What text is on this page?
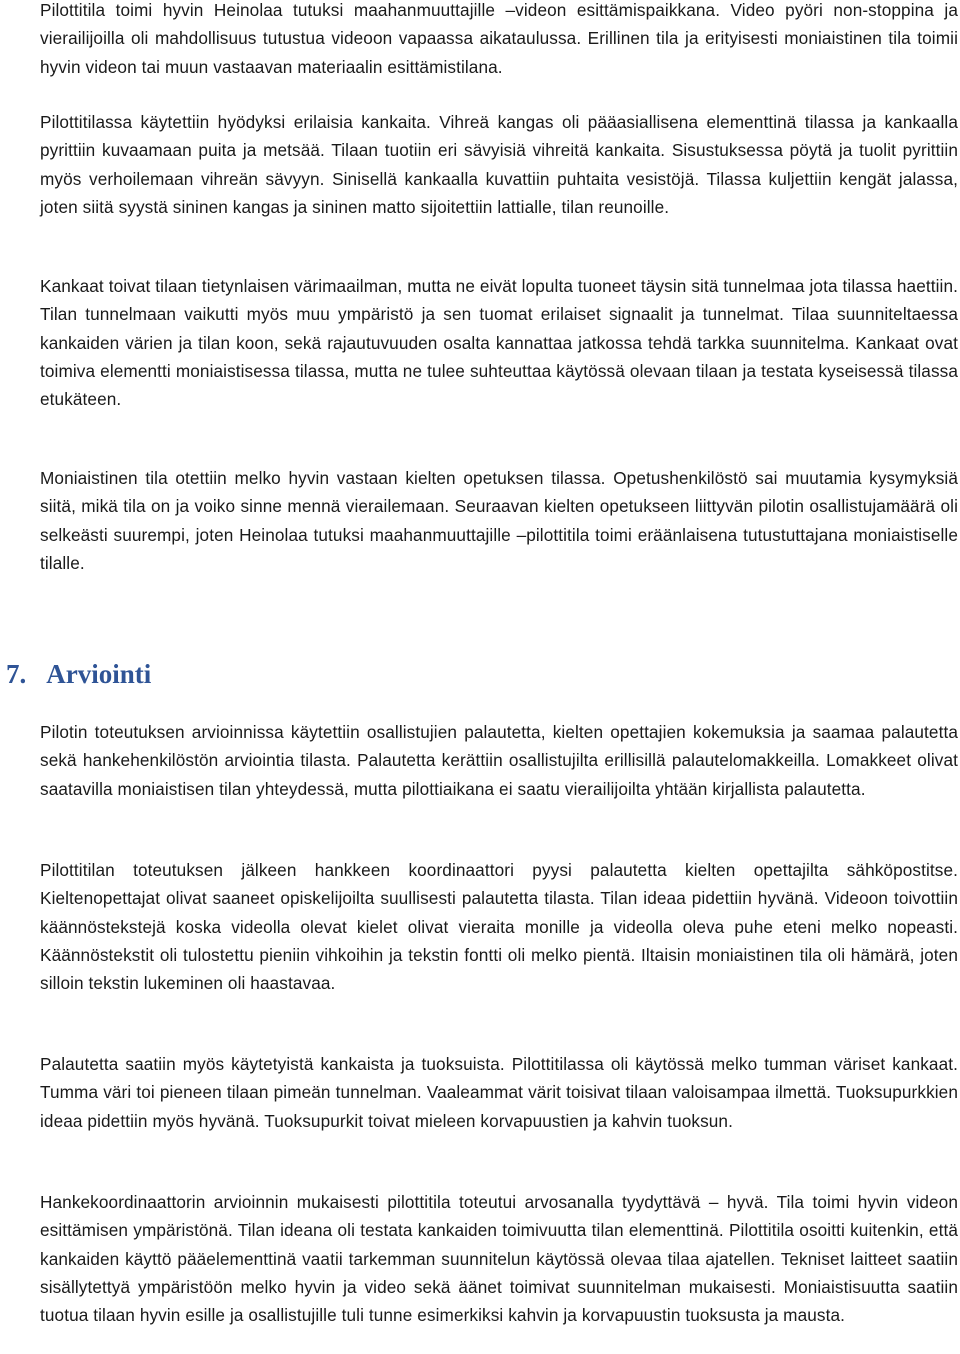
Pilottitila toimi hyvin Heinolaa tutuksi maahanmuuttajille –videon esittämispaikkana. Video pyöri non-stoppina ja vierailijoilla oli mahdollisuus tutustua videoon vapaassa aikataulussa. Erillinen tila ja erityisesti moniaistinen tila toimii hyvin videon tai muun vastaavan materiaalin esittämistilana.

Pilottitilassa käytettiin hyödyksi erilaisia kankaita. Vihreä kangas oli pääasiallisena elementtinä tilassa ja kankaalla pyrittiin kuvaamaan puita ja metsää. Tilaan tuotiin eri sävyisiä vihreitä kankaita. Sisustuksessa pöytä ja tuolit pyrittiin myös verhoilemaan vihreän sävyyn. Sinisellä kankaalla kuvattiin puhtaita vesistöjä. Tilassa kuljettiin kengät jalassa, joten siitä syystä sininen kangas ja sininen matto sijoitettiin lattialle, tilan reunoille.

Kankaat toivat tilaan tietynlaisen värimaailman, mutta ne eivät lopulta tuoneet täysin sitä tunnelmaa jota tilassa haettiin. Tilan tunnelmaan vaikutti myös muu ympäristö ja sen tuomat erilaiset signaalit ja tunnelmat. Tilaa suunniteltaessa kankaiden värien ja tilan koon, sekä rajautuvuuden osalta kannattaa jatkossa tehdä tarkka suunnitelma. Kankaat ovat toimiva elementti moniaistisessa tilassa, mutta ne tulee suhteuttaa käytössä olevaan tilaan ja testata kyseisessä tilassa etukäteen.

Moniaistinen tila otettiin melko hyvin vastaan kielten opetuksen tilassa. Opetushenkilöstö sai muutamia kysymyksiä siitä, mikä tila on ja voiko sinne mennä vierailemaan. Seuraavan kielten opetukseen liittyvän pilotin osallistujamäärä oli selkeästi suurempi, joten Heinolaa tutuksi maahanmuuttajille –pilottitila toimi eräänlaisena tutustuttajana moniaistiselle tilalle.

7. Arviointi

Pilotin toteutuksen arvioinnissa käytettiin osallistujien palautetta, kielten opettajien kokemuksia ja saamaa palautetta sekä hankehenkilöstön arviointia tilasta. Palautetta kerättiin osallistujilta erillisillä palautelomakkeilla. Lomakkeet olivat saatavilla moniaistisen tilan yhteydessä, mutta pilottiaikana ei saatu vierailijoilta yhtään kirjallista palautetta.

Pilottitilan toteutuksen jälkeen hankkeen koordinaattori pyysi palautetta kielten opettajilta sähköpostitse. Kieltenopettajat olivat saaneet opiskelijoilta suullisesti palautetta tilasta. Tilan ideaa pidettiin hyvänä. Videoon toivottiin käännöstekstejä koska videolla olevat kielet olivat vieraita monille ja videolla oleva puhe eteni melko nopeasti. Käännöstekstit oli tulostettu pieniin vihkoihin ja tekstin fontti oli melko pientä. Iltaisin moniaistinen tila oli hämärä, joten silloin tekstin lukeminen oli haastavaa.

Palautetta saatiin myös käytetyistä kankaista ja tuoksuista. Pilottitilassa oli käytössä melko tumman väriset kankaat. Tumma väri toi pieneen tilaan pimeän tunnelman. Vaaleammat värit toisivat tilaan valoisampaa ilmettä. Tuoksupurkkien ideaa pidettiin myös hyvänä. Tuoksupurkit toivat mieleen korvapuustien ja kahvin tuoksun.

Hankekoordinaattorin arvioinnin mukaisesti pilottitila toteutui arvosanalla tyydyttävä – hyvä. Tila toimi hyvin videon esittämisen ympäristönä. Tilan ideana oli testata kankaiden toimivuutta tilan elementtinä. Pilottitila osoitti kuitenkin, että kankaiden käyttö pääelementtinä vaatii tarkemman suunnitelun käytössä olevaa tilaa ajatellen. Tekniset laitteet saatiin sisällytettyä ympäristöön melko hyvin ja video sekä äänet toimivat suunnitelman mukaisesti. Moniaistisuutta saatiin tuotua tilaan hyvin esille ja osallistujille tuli tunne esimerkiksi kahvin ja korvapuustin tuoksusta ja mausta.
